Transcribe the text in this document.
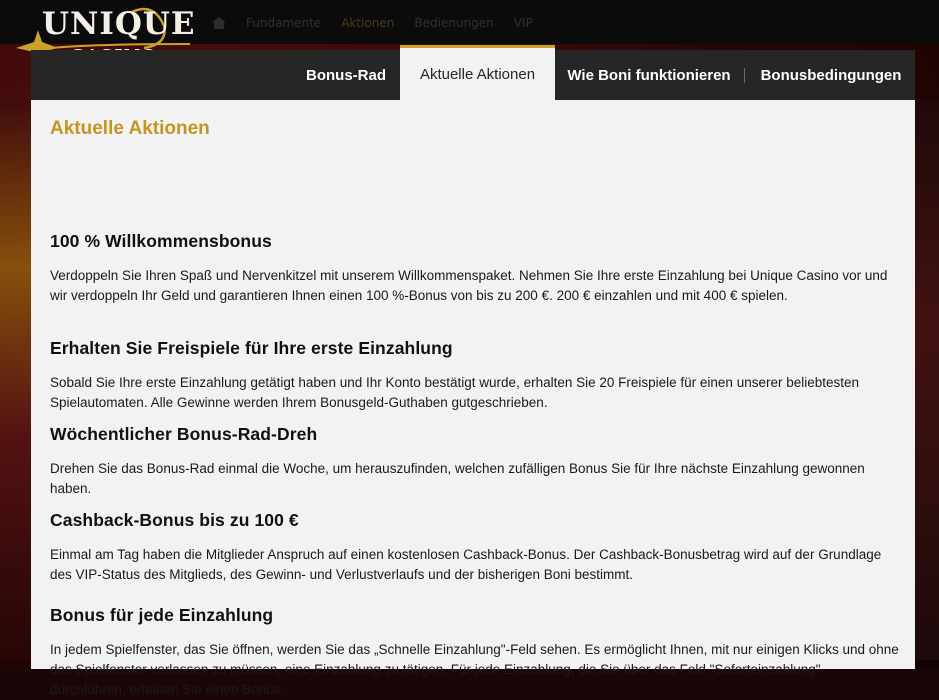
Fundamente Aktionen Bedienungen VIP
UNIQUE
Bonus-Rad	Aktuelle Aktionen	Wie Boni funktionieren	Bonusbedingungen
Aktuelle Aktionen
100 % Willkommensbonus

Verdoppeln Sie Ihren Spaß und Nervenkitzel mit unserem Willkommenspaket. Nehmen Sie Ihre erste Einzahlung bei Unique Casino vor und wir verdoppeln Ihr Geld und garantieren Ihnen einen 100 %-Bonus von bis zu 200 €. 200 € einzahlen und mit 400 € spielen.

Erhalten Sie Freispiele für Ihre erste Einzahlung

Sobald Sie Ihre erste Einzahlung getätigt haben und Ihr Konto bestätigt wurde, erhalten Sie 20 Freispiele für einen unserer beliebtesten Spielautomaten. Alle Gewinne werden Ihrem Bonusgeld-Guthaben gutgeschrieben.

Wöchentlicher Bonus-Rad-Dreh

Drehen Sie das Bonus-Rad einmal die Woche, um herauszufinden, welchen zufälligen Bonus Sie für Ihre nächste Einzahlung gewonnen haben.

Cashback-Bonus bis zu 100 €

Einmal am Tag haben die Mitglieder Anspruch auf einen kostenlosen Cashback-Bonus. Der Cashback-Bonusbetrag wird auf der Grundlage des VIP-Status des Mitglieds, des Gewinn- und Verlustverlaufs und der bisherigen Boni bestimmt.

Bonus für jede Einzahlung

In jedem Spielfenster, das Sie öffnen, werden Sie das „Schnelle Einzahlung"-Feld sehen. Es ermöglicht Ihnen, mit nur einigen Klicks und ohne das Spielfenster verlassen zu müssen, eine Einzahlung zu tätigen. Für jede Einzahlung, die Sie über das Feld "Soforteinzahlung" durchführen, erhalten Sie einen Bonus.
